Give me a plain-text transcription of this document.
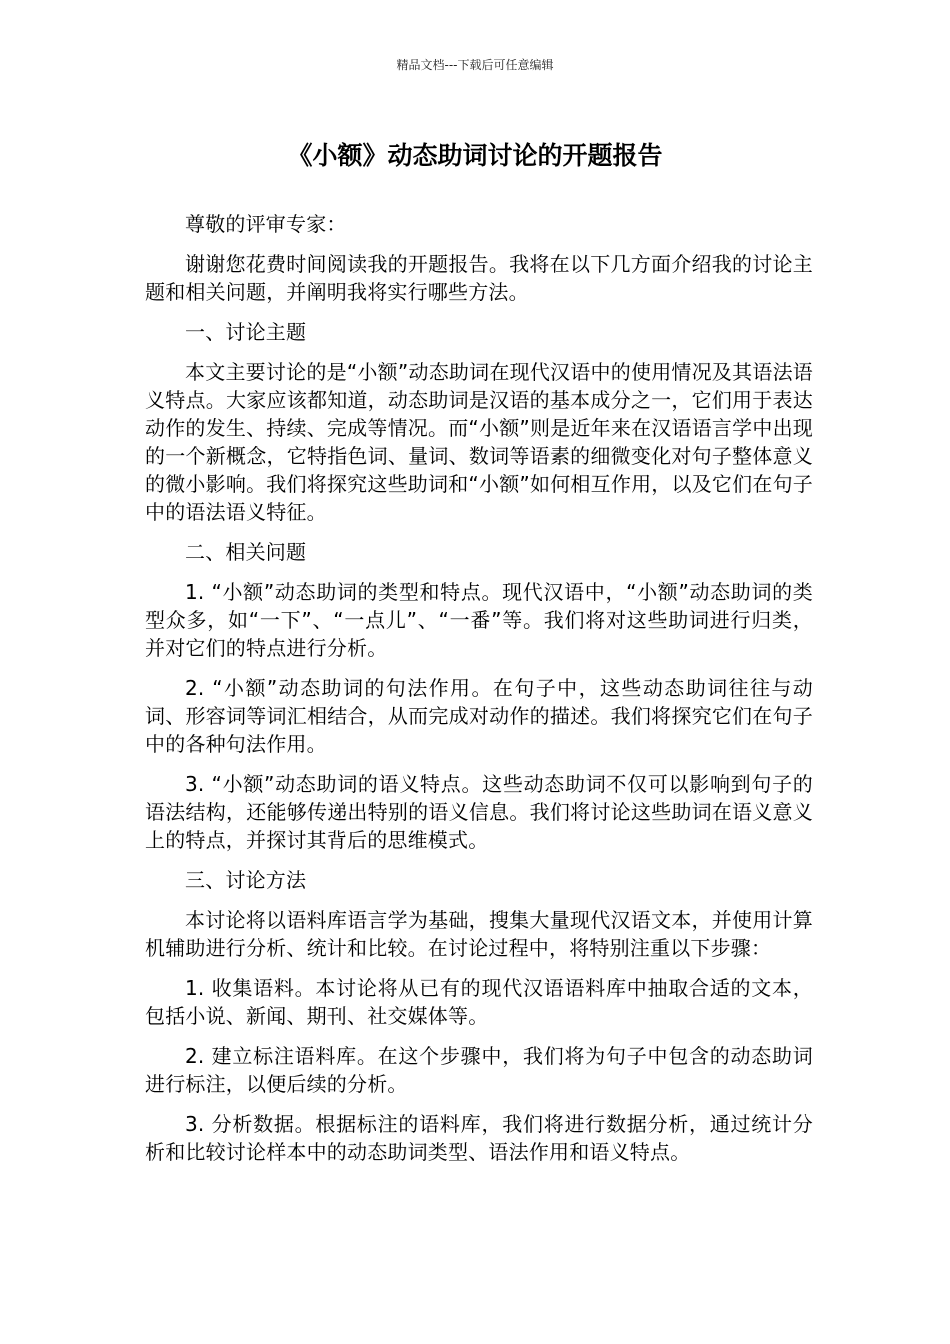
精品文档---下载后可任意编辑
《小额》动态助词讨论的开题报告

尊敬的评审专家：

谢谢您花费时间阅读我的开题报告。我将在以下几方面介绍我的讨论主题和相关问题，并阐明我将实行哪些方法。

一、讨论主题

本文主要讨论的是“小额”动态助词在现代汉语中的使用情况及其语法语义特点。大家应该都知道，动态助词是汉语的基本成分之一，它们用于表达动作的发生、持续、完成等情况。而“小额”则是近年来在汉语语言学中出现的一个新概念，它特指色词、量词、数词等语素的细微变化对句子整体意义的微小影响。我们将探究这些助词和“小额”如何相互作用，以及它们在句子中的语法语义特征。

二、相关问题

1. “小额”动态助词的类型和特点。现代汉语中，“小额”动态助词的类型众多，如“一下”、“一点儿”、“一番”等。我们将对这些助词进行归类，并对它们的特点进行分析。

2. “小额”动态助词的句法作用。在句子中，这些动态助词往往与动词、形容词等词汇相结合，从而完成对动作的描述。我们将探究它们在句子中的各种句法作用。

3. “小额”动态助词的语义特点。这些动态助词不仅可以影响到句子的语法结构，还能够传递出特别的语义信息。我们将讨论这些助词在语义意义上的特点，并探讨其背后的思维模式。

三、讨论方法

本讨论将以语料库语言学为基础，搜集大量现代汉语文本，并使用计算机辅助进行分析、统计和比较。在讨论过程中，将特别注重以下步骤：

1. 收集语料。本讨论将从已有的现代汉语语料库中抽取合适的文本，包括小说、新闻、期刊、社交媒体等。

2. 建立标注语料库。在这个步骤中，我们将为句子中包含的动态助词进行标注，以便后续的分析。

3. 分析数据。根据标注的语料库，我们将进行数据分析，通过统计分析和比较讨论样本中的动态助词类型、语法作用和语义特点。
